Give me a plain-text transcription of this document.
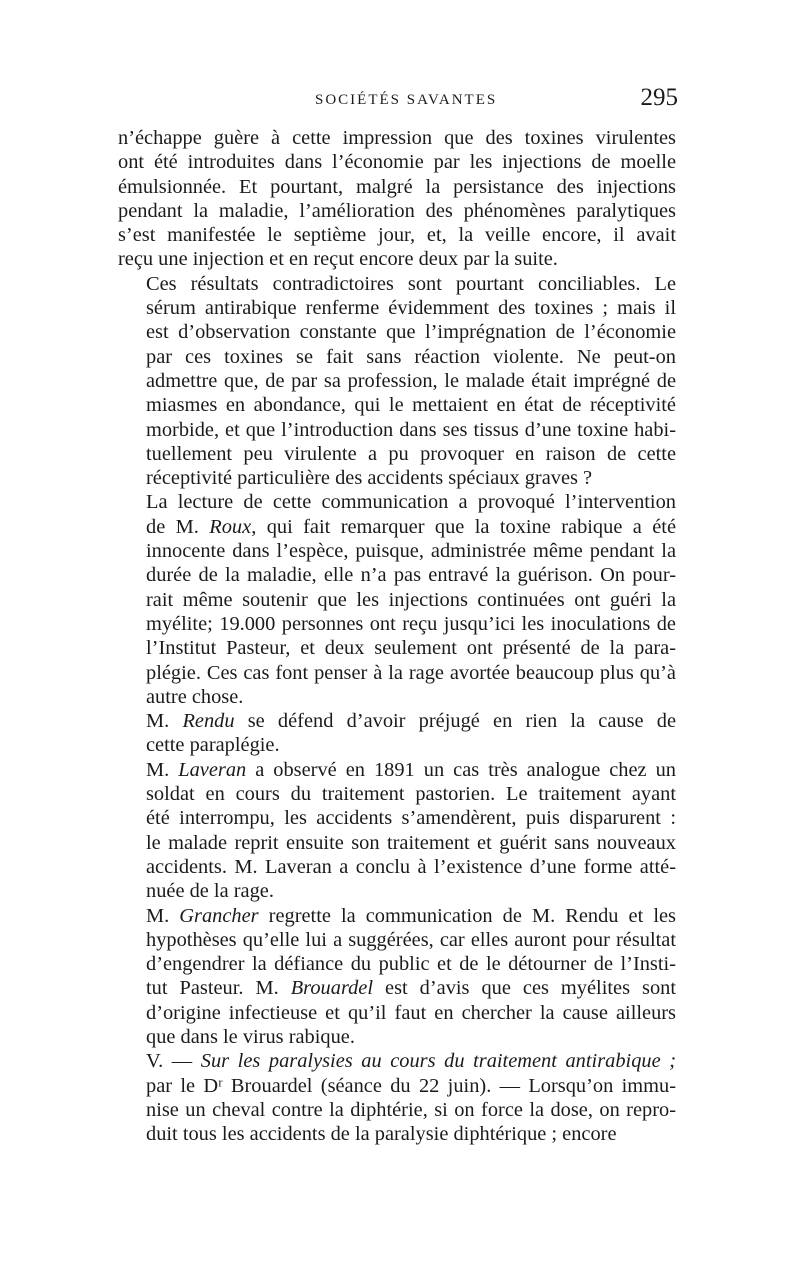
SOCIÉTÉS SAVANTES	295

n’échappe guère à cette impression que des toxines virulentes
ont été introduites dans l’économie par les injections de moelle
émulsionnée. Et pourtant, malgré la persistance des injections
pendant la maladie, l’amélioration des phénomènes paralytiques
s’est manifestée le septième jour, et, la veille encore, il avait
reçu une injection et en reçut encore deux par la suite.

Ces résultats contradictoires sont pourtant conciliables. Le
sérum antirabique renferme évidemment des toxines ; mais il
est d’observation constante que l’imprégnation de l’économie
par ces toxines se fait sans réaction violente. Ne peut-on
admettre que, de par sa profession, le malade était imprégné de
miasmes en abondance, qui le mettaient en état de réceptivité
morbide, et que l’introduction dans ses tissus d’une toxine habi-
tuellement peu virulente a pu provoquer en raison de cette
réceptivité particulière des accidents spéciaux graves ?

La lecture de cette communication a provoqué l’intervention
de M. Roux, qui fait remarquer que la toxine rabique a été
innocente dans l’espèce, puisque, administrée même pendant la
durée de la maladie, elle n’a pas entravé la guérison. On pour-
rait même soutenir que les injections continuées ont guéri la
myélite; 19.000 personnes ont reçu jusqu’ici les inoculations de
l’Institut Pasteur, et deux seulement ont présenté de la para-
plégie. Ces cas font penser à la rage avortée beaucoup plus qu’à
autre chose.

M. Rendu se défend d’avoir préjugé en rien la cause de
cette paraplégie.

M. Laveran a observé en 1891 un cas très analogue chez un
soldat en cours du traitement pastorien. Le traitement ayant
été interrompu, les accidents s’amendèrent, puis disparurent :
le malade reprit ensuite son traitement et guérit sans nouveaux
accidents. M. Laveran a conclu à l’existence d’une forme atté-
nuée de la rage.

M. Grancher regrette la communication de M. Rendu et les
hypothèses qu’elle lui a suggérées, car elles auront pour résultat
d’engendrer la défiance du public et de le détourner de l’Insti-
tut Pasteur. M. Brouardel est d’avis que ces myélites sont
d’origine infectieuse et qu’il faut en chercher la cause ailleurs
que dans le virus rabique.

V. — Sur les paralysies au cours du traitement antirabique ;
par le Dʳ Brouardel (séance du 22 juin). — Lorsqu’on immu-
nise un cheval contre la diphtérie, si on force la dose, on repro-
duit tous les accidents de la paralysie diphtérique ; encore
